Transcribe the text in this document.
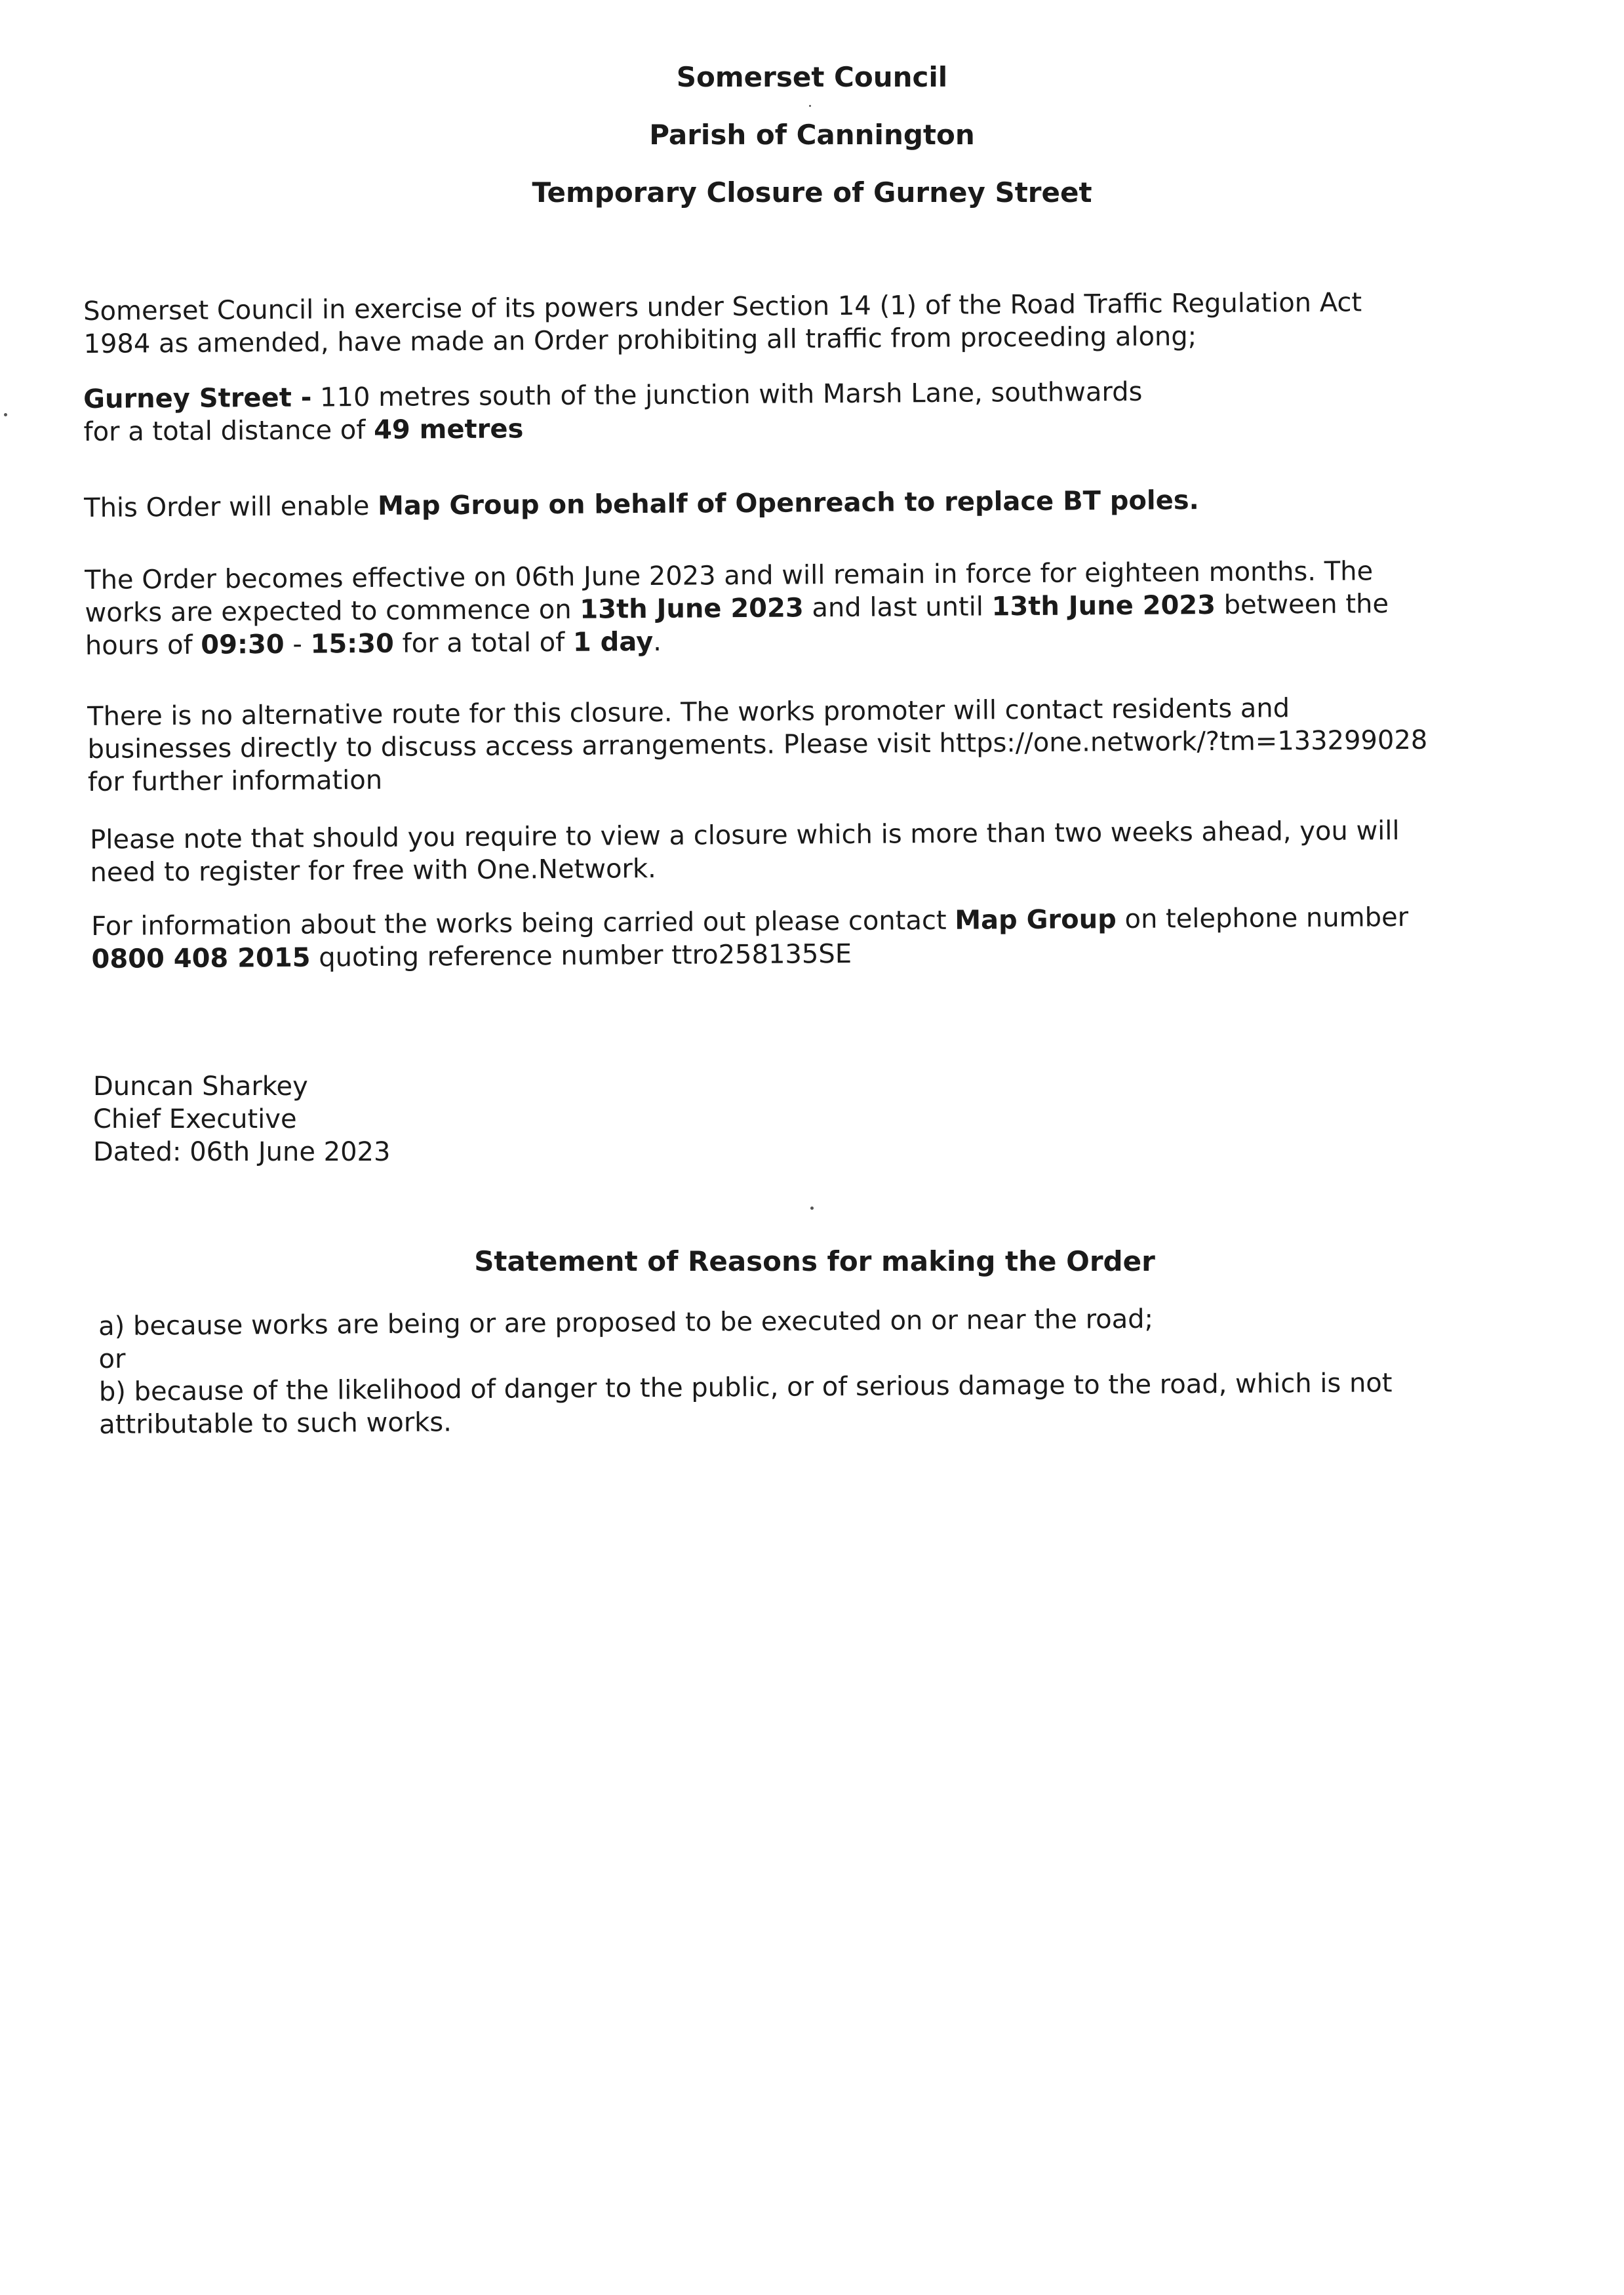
Somerset Council
Parish of Cannington
Temporary Closure of Gurney Street

Somerset Council in exercise of its powers under Section 14 (1) of the Road Traffic Regulation Act
1984 as amended, have made an Order prohibiting all traffic from proceeding along;

Gurney Street - 110 metres south of the junction with Marsh Lane, southwards
for a total distance of 49 metres

This Order will enable Map Group on behalf of Openreach to replace BT poles.

The Order becomes effective on 06th June 2023 and will remain in force for eighteen months. The
works are expected to commence on 13th June 2023 and last until 13th June 2023 between the
hours of 09:30 - 15:30 for a total of 1 day.

There is no alternative route for this closure. The works promoter will contact residents and
businesses directly to discuss access arrangements. Please visit https://one.network/?tm=133299028
for further information

Please note that should you require to view a closure which is more than two weeks ahead, you will
need to register for free with One.Network.

For information about the works being carried out please contact Map Group on telephone number
0800 408 2015 quoting reference number ttro258135SE

Duncan Sharkey
Chief Executive
Dated: 06th June 2023

Statement of Reasons for making the Order

a) because works are being or are proposed to be executed on or near the road;
or
b) because of the likelihood of danger to the public, or of serious damage to the road, which is not
attributable to such works.
